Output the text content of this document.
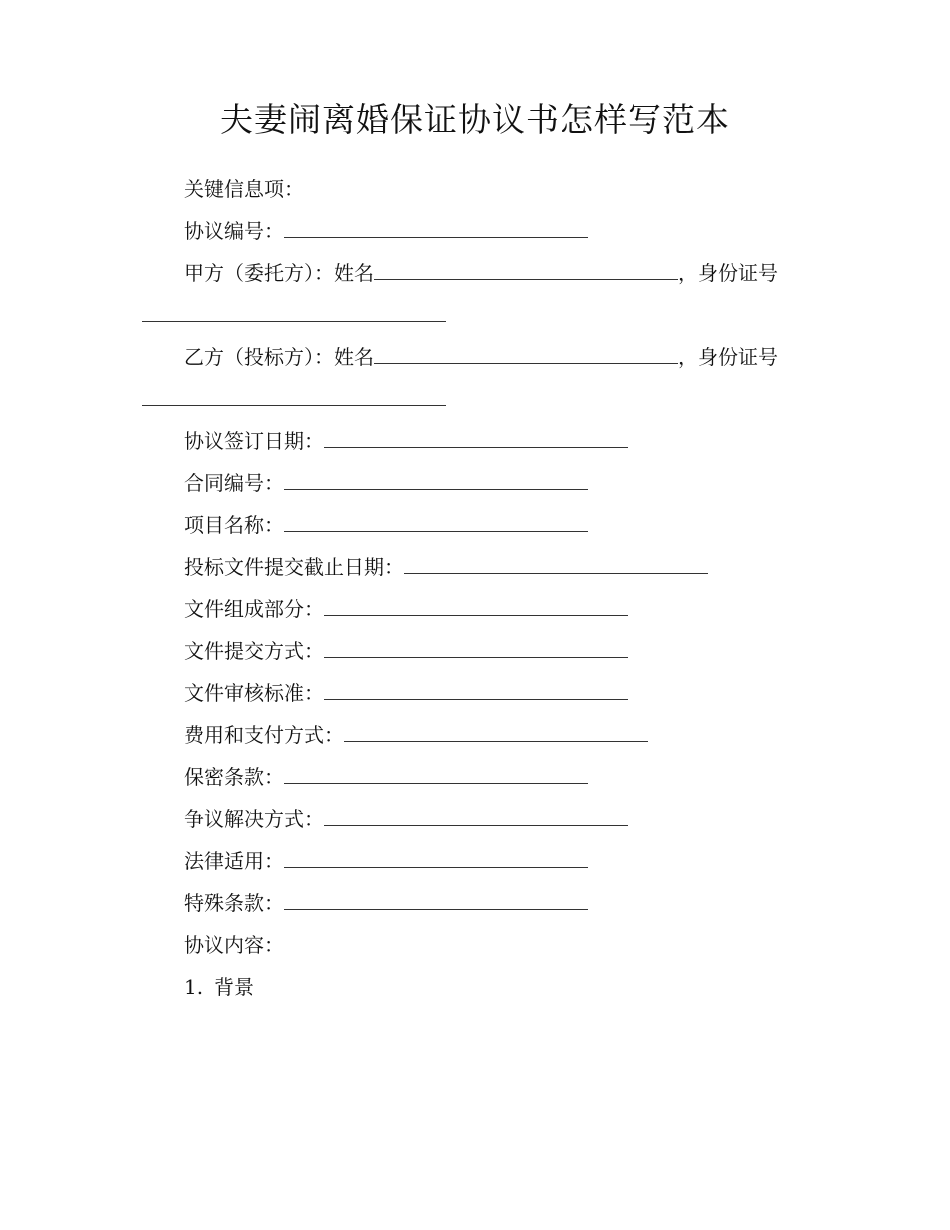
夫妻闹离婚保证协议书怎样写范本
关键信息项：
协议编号：
甲方（委托方）：姓名	，身份证号
乙方（投标方）：姓名	，身份证号
协议签订日期：
合同编号：
项目名称：
投标文件提交截止日期：
文件组成部分：
文件提交方式：
文件审核标准：
费用和支付方式：
保密条款：
争议解决方式：
法律适用：
特殊条款：
协议内容：
1. 背景
